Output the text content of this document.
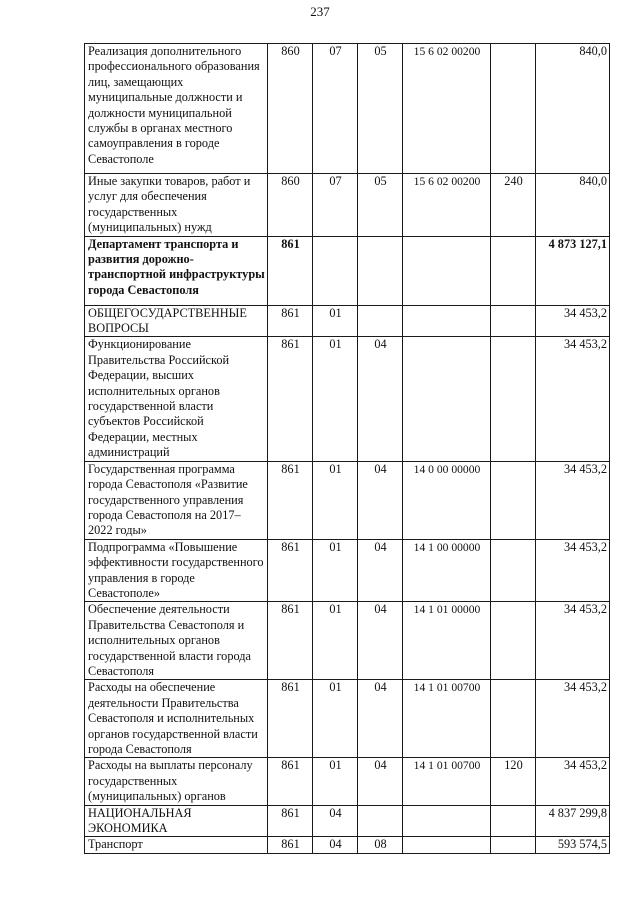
237
Реализация дополнительного профессионального образования лиц, замещающих муниципальные должности и должности муниципальной службы в органах местного самоуправления в городе Севастополе	860	07	05	15 6 02 00200		840,0
Иные закупки товаров, работ и услуг для обеспечения государственных (муниципальных) нужд	860	07	05	15 6 02 00200	240	840,0
Департамент транспорта и развития дорожно-транспортной инфраструктуры города Севастополя	861					4 873 127,1
ОБЩЕГОСУДАРСТВЕННЫЕ ВОПРОСЫ	861	01				34 453,2
Функционирование Правительства Российской Федерации, высших исполнительных органов государственной власти субъектов Российской Федерации, местных администраций	861	01	04			34 453,2
Государственная программа города Севастополя «Развитие государственного управления города Севастополя на 2017–2022 годы»	861	01	04	14 0 00 00000		34 453,2
Подпрограмма «Повышение эффективности государственного управления в городе Севастополе»	861	01	04	14 1 00 00000		34 453,2
Обеспечение деятельности Правительства Севастополя и исполнительных органов государственной власти города Севастополя	861	01	04	14 1 01 00000		34 453,2
Расходы на обеспечение деятельности Правительства Севастополя и исполнительных органов государственной власти города Севастополя	861	01	04	14 1 01 00700		34 453,2
Расходы на выплаты персоналу государственных (муниципальных) органов	861	01	04	14 1 01 00700	120	34 453,2
НАЦИОНАЛЬНАЯ ЭКОНОМИКА	861	04				4 837 299,8
Транспорт	861	04	08			593 574,5
